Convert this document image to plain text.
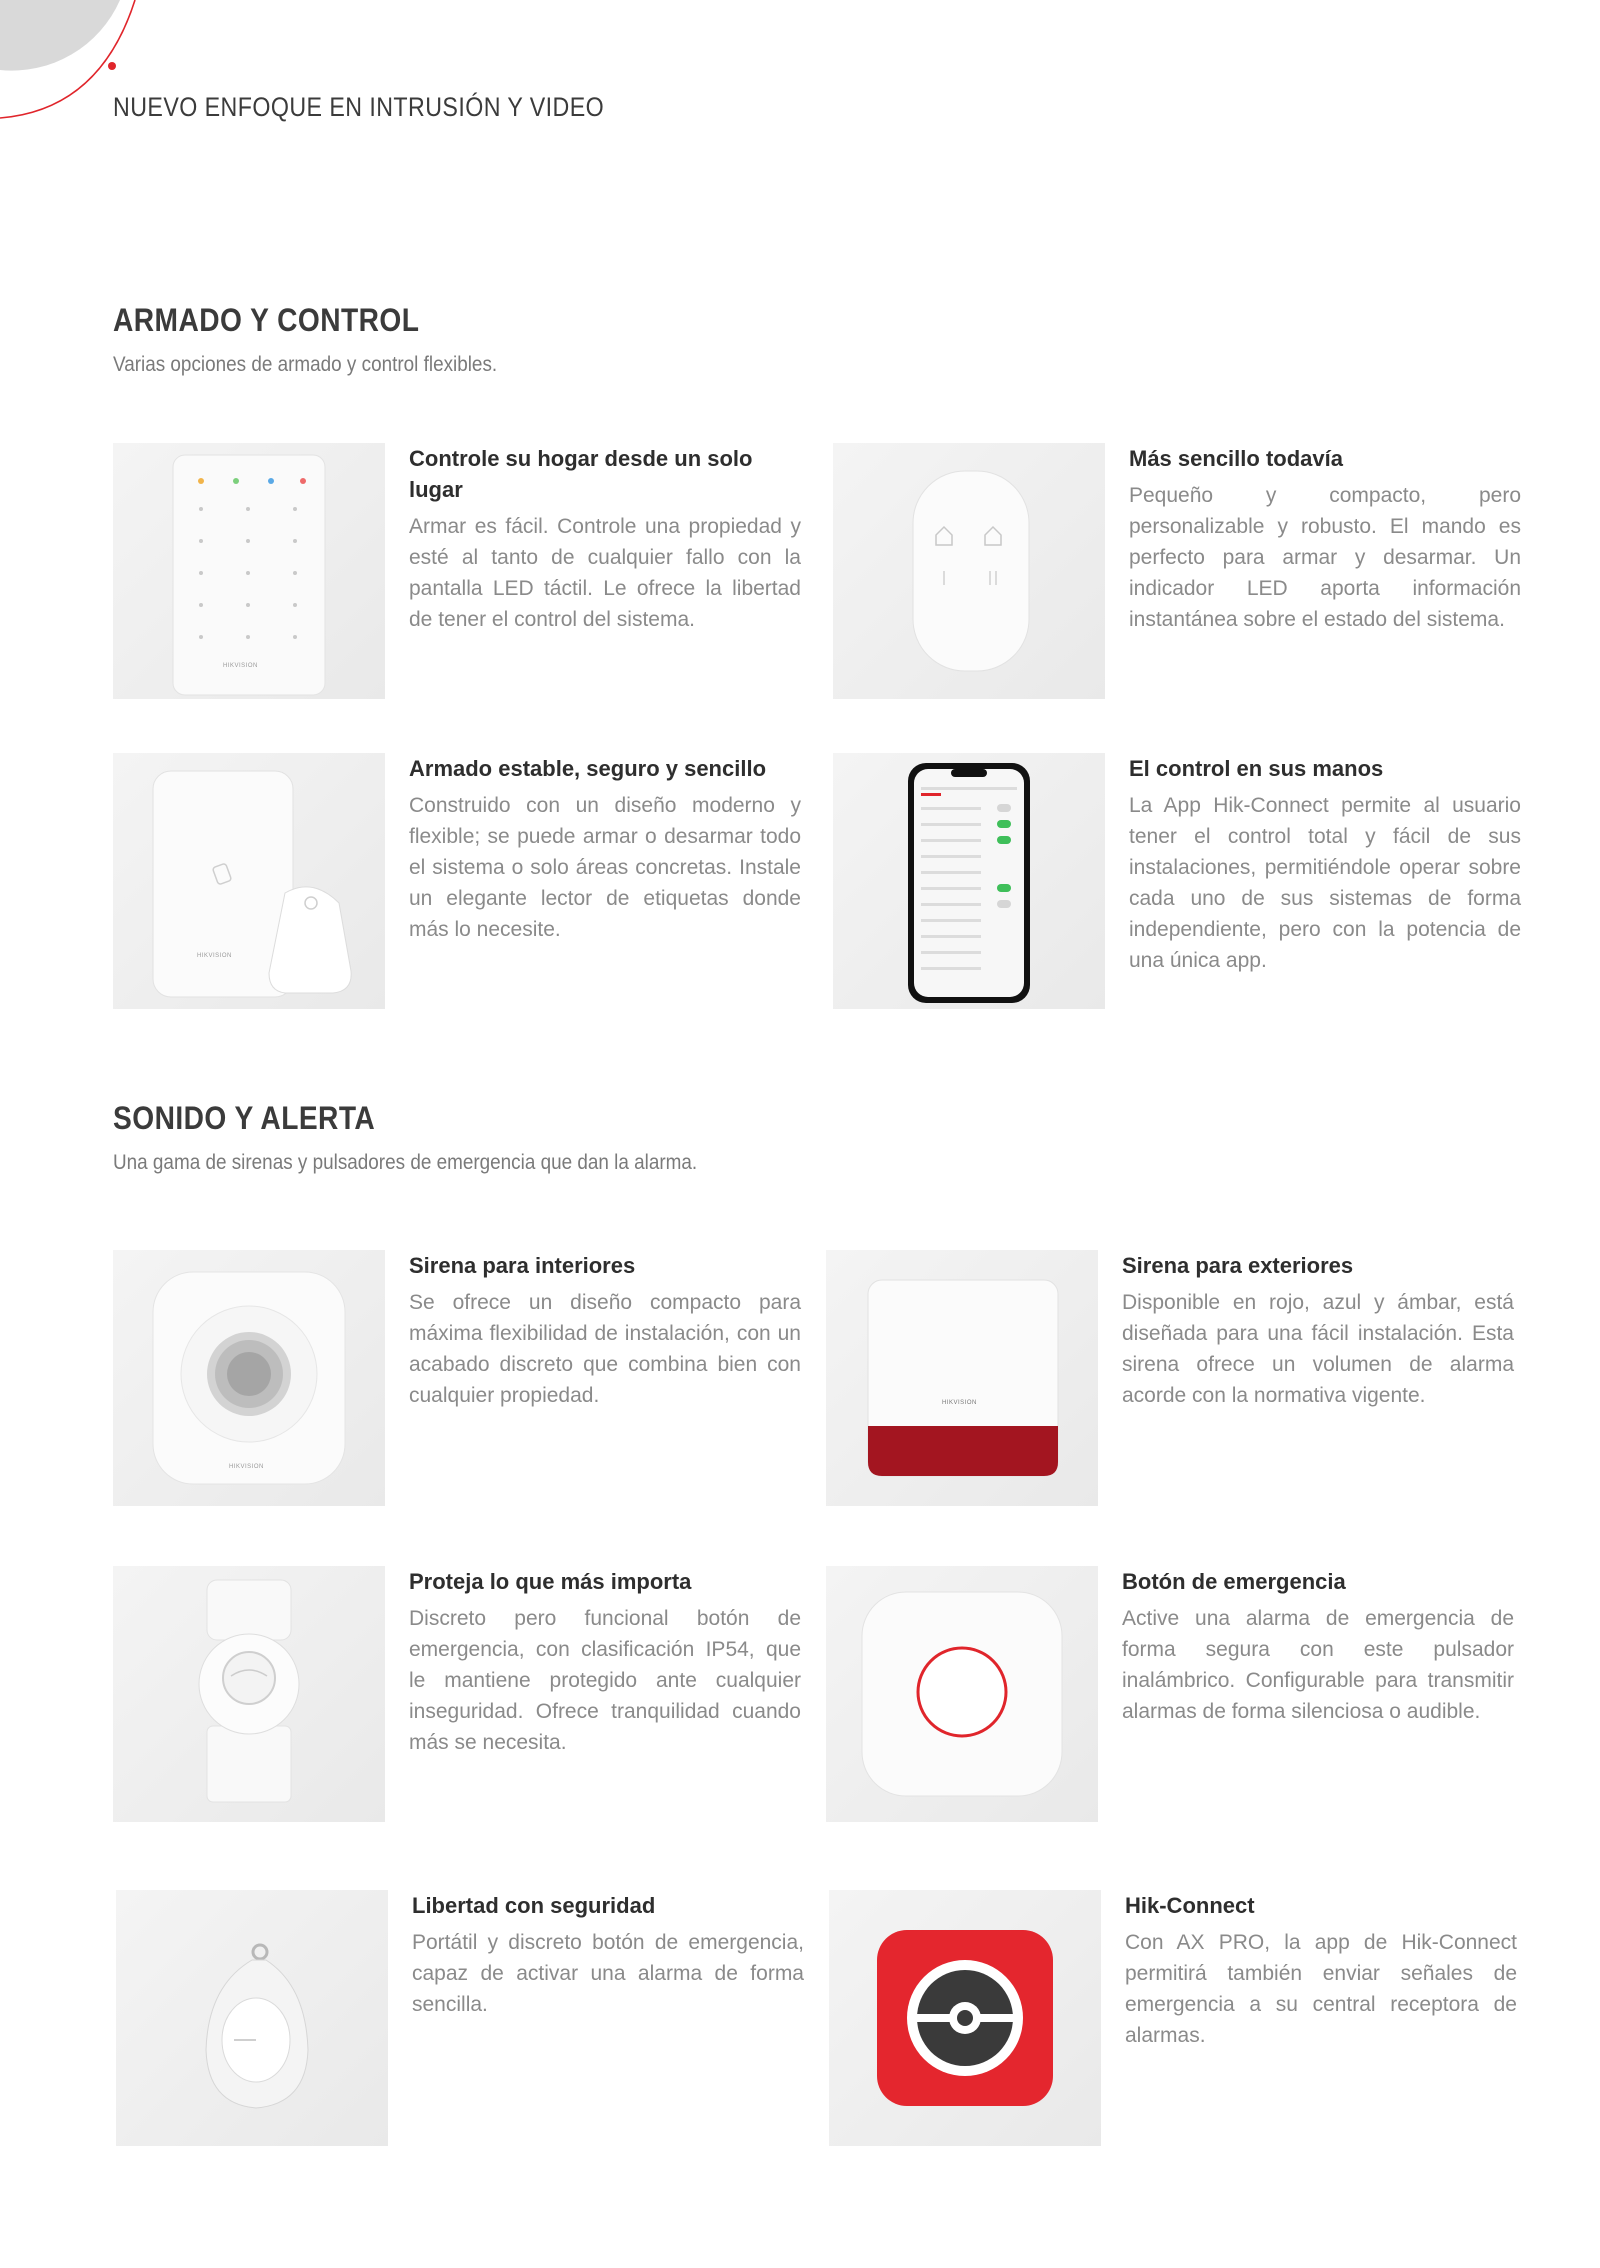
NUEVO ENFOQUE EN INTRUSIÓN Y VIDEO
ARMADO Y CONTROL
Varias opciones de armado y control flexibles.
HIKVISION
Controle su hogar desde un solo lugar

Armar es fácil. Controle una propiedad y esté al tanto de cualquier fallo con la pantalla LED táctil. Le ofrece la libertad de tener el control del sistema.

Más sencillo todavía

Pequeño y compacto, pero personalizable y robusto. El mando es perfecto para armar y desarmar. Un indicador LED aporta información instantánea sobre el estado del sistema.

HIKVISION
Armado estable, seguro y sencillo

Construido con un diseño moderno y flexible; se puede armar o desarmar todo el sistema o solo áreas concretas. Instale un elegante lector de etiquetas donde más lo necesite.

El control en sus manos

La App Hik-Connect permite al usuario tener el control total y fácil de sus instalaciones, permitiéndole operar sobre cada uno de sus sistemas de forma independiente, pero con la potencia de una única app.

SONIDO Y ALERTA
Una gama de sirenas y pulsadores de emergencia que dan la alarma.
HIKVISION
Sirena para interiores

Se ofrece un diseño compacto para máxima flexibilidad de instalación, con un acabado discreto que combina bien con cualquier propiedad.	HIKVISION
Sirena para exteriores

Disponible en rojo, azul y ámbar, está diseñada para una fácil instalación. Esta sirena ofrece un volumen de alarma acorde con la normativa vigente.

Proteja lo que más importa

Discreto pero funcional botón de emergencia, con clasificación IP54, que le mantiene protegido ante cualquier inseguridad. Ofrece tranquilidad cuando más se necesita.

Botón de emergencia

Active una alarma de emergencia de forma segura con este pulsador inalámbrico. Configurable para transmitir alarmas de forma silenciosa o audible.

Libertad con seguridad

Portátil y discreto botón de emergencia, capaz de activar una alarma de forma sencilla.

Hik-Connect

Con AX PRO, la app de Hik-Connect permitirá también enviar señales de emergencia a su central receptora de alarmas.
